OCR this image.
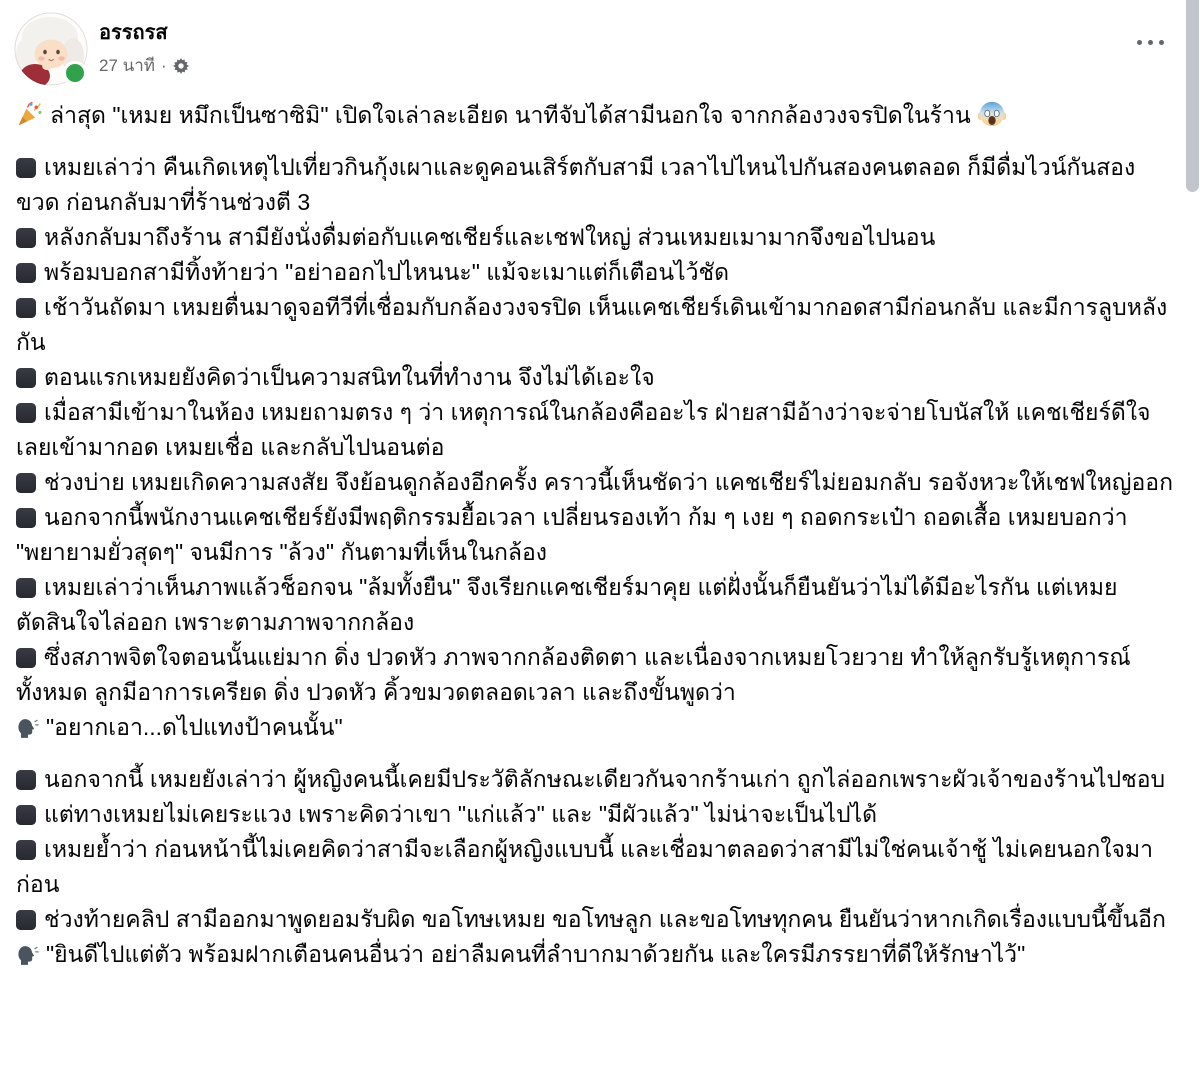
อรรถรส
27 นาที ·
ล่าสุด "เหมย หมึกเป็นซาซิมิ" เปิดใจเล่าละเอียด นาทีจับได้สามีนอกใจ จากกล้องวงจรปิดในร้าน
เหมยเล่าว่า คืนเกิดเหตุไปเที่ยวกินกุ้งเผาและดูคอนเสิร์ตกับสามี เวลาไปไหนไปกันสองคนตลอด ก็มีดื่มไวน์กันสองขวด ก่อนกลับมาที่ร้านช่วงตี 3
หลังกลับมาถึงร้าน สามียังนั่งดื่มต่อกับแคชเชียร์และเชฟใหญ่ ส่วนเหมยเมามากจึงขอไปนอน
พร้อมบอกสามีทิ้งท้ายว่า "อย่าออกไปไหนนะ" แม้จะเมาแต่ก็เตือนไว้ชัด
เช้าวันถัดมา เหมยตื่นมาดูจอทีวีที่เชื่อมกับกล้องวงจรปิด เห็นแคชเชียร์เดินเข้ามากอดสามีก่อนกลับ และมีการลูบหลังกัน
ตอนแรกเหมยยังคิดว่าเป็นความสนิทในที่ทำงาน จึงไม่ได้เอะใจ
เมื่อสามีเข้ามาในห้อง เหมยถามตรง ๆ ว่า เหตุการณ์ในกล้องคืออะไร ฝ่ายสามีอ้างว่าจะจ่ายโบนัสให้ แคชเชียร์ดีใจเลยเข้ามากอด เหมยเชื่อ และกลับไปนอนต่อ
ช่วงบ่าย เหมยเกิดความสงสัย จึงย้อนดูกล้องอีกครั้ง คราวนี้เห็นชัดว่า แคชเชียร์ไม่ยอมกลับ รอจังหวะให้เชฟใหญ่ออก
นอกจากนี้พนักงานแคชเชียร์ยังมีพฤติกรรมยื้อเวลา เปลี่ยนรองเท้า ก้ม ๆ เงย ๆ ถอดกระเป๋า ถอดเสื้อ เหมยบอกว่า "พยายามยั่วสุดๆ" จนมีการ "ล้วง" กันตามที่เห็นในกล้อง
เหมยเล่าว่าเห็นภาพแล้วช็อกจน "ล้มทั้งยืน" จึงเรียกแคชเชียร์มาคุย แต่ฝั่งนั้นก็ยืนยันว่าไม่ได้มีอะไรกัน แต่เหมยตัดสินใจไล่ออก เพราะตามภาพจากกล้อง
ซึ่งสภาพจิตใจตอนนั้นแย่มาก ดิ่ง ปวดหัว ภาพจากกล้องติดตา และเนื่องจากเหมยโวยวาย ทำให้ลูกรับรู้เหตุการณ์ทั้งหมด ลูกมีอาการเครียด ดิ่ง ปวดหัว คิ้วขมวดตลอดเวลา และถึงขั้นพูดว่า
"อยากเอา...ดไปแทงป้าคนนั้น"
นอกจากนี้ เหมยยังเล่าว่า ผู้หญิงคนนี้เคยมีประวัติลักษณะเดียวกันจากร้านเก่า ถูกไล่ออกเพราะผัวเจ้าของร้านไปชอบ
แต่ทางเหมยไม่เคยระแวง เพราะคิดว่าเขา "แก่แล้ว" และ "มีผัวแล้ว" ไม่น่าจะเป็นไปได้
เหมยย้ำว่า ก่อนหน้านี้ไม่เคยคิดว่าสามีจะเลือกผู้หญิงแบบนี้ และเชื่อมาตลอดว่าสามีไม่ใช่คนเจ้าชู้ ไม่เคยนอกใจมาก่อน
ช่วงท้ายคลิป สามีออกมาพูดยอมรับผิด ขอโทษเหมย ขอโทษลูก และขอโทษทุกคน ยืนยันว่าหากเกิดเรื่องแบบนี้ขึ้นอีก
"ยินดีไปแต่ตัว พร้อมฝากเตือนคนอื่นว่า อย่าลืมคนที่ลำบากมาด้วยกัน และใครมีภรรยาที่ดีให้รักษาไว้"
